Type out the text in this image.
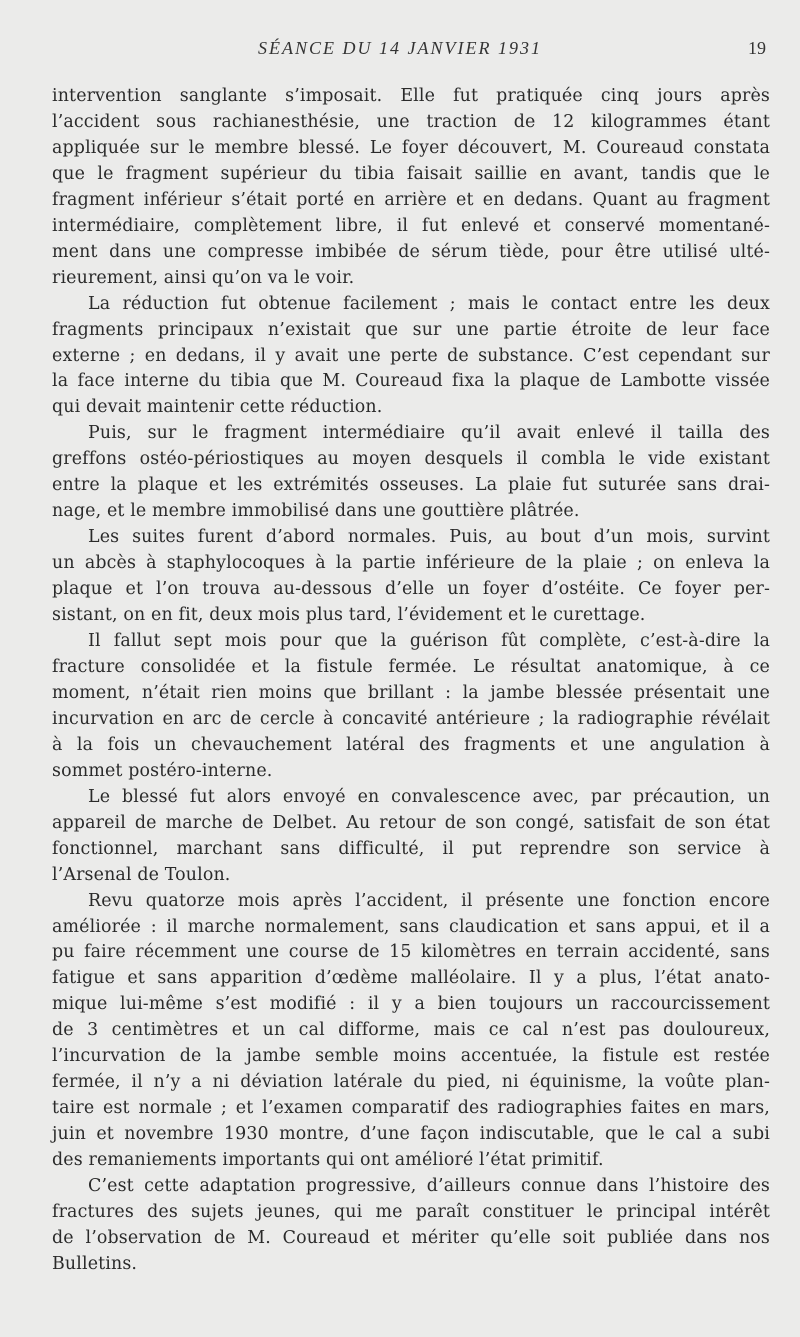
SÉANCE DU 14 JANVIER 1931	19

intervention sanglante s’imposait. Elle fut pratiquée cinq jours après
l’accident sous rachianesthésie, une traction de 12 kilogrammes étant
appliquée sur le membre blessé. Le foyer découvert, M. Coureaud constata
que le fragment supérieur du tibia faisait saillie en avant, tandis que le
fragment inférieur s’était porté en arrière et en dedans. Quant au fragment
intermédiaire, complètement libre, il fut enlevé et conservé momentané-
ment dans une compresse imbibée de sérum tiède, pour être utilisé ulté-
rieurement, ainsi qu’on va le voir.

La réduction fut obtenue facilement ; mais le contact entre les deux
fragments principaux n’existait que sur une partie étroite de leur face
externe ; en dedans, il y avait une perte de substance. C’est cependant sur
la face interne du tibia que M. Coureaud fixa la plaque de Lambotte vissée
qui devait maintenir cette réduction.

Puis, sur le fragment intermédiaire qu’il avait enlevé il tailla des
greffons ostéo-périostiques au moyen desquels il combla le vide existant
entre la plaque et les extrémités osseuses. La plaie fut suturée sans drai-
nage, et le membre immobilisé dans une gouttière plâtrée.

Les suites furent d’abord normales. Puis, au bout d’un mois, survint
un abcès à staphylocoques à la partie inférieure de la plaie ; on enleva la
plaque et l’on trouva au-dessous d’elle un foyer d’ostéite. Ce foyer per-
sistant, on en fit, deux mois plus tard, l’évidement et le curettage.

Il fallut sept mois pour que la guérison fût complète, c’est-à-dire la
fracture consolidée et la fistule fermée. Le résultat anatomique, à ce
moment, n’était rien moins que brillant : la jambe blessée présentait une
incurvation en arc de cercle à concavité antérieure ; la radiographie révélait
à la fois un chevauchement latéral des fragments et une angulation à
sommet postéro-interne.

Le blessé fut alors envoyé en convalescence avec, par précaution, un
appareil de marche de Delbet. Au retour de son congé, satisfait de son état
fonctionnel, marchant sans difficulté, il put reprendre son service à
l’Arsenal de Toulon.

Revu quatorze mois après l’accident, il présente une fonction encore
améliorée : il marche normalement, sans claudication et sans appui, et il a
pu faire récemment une course de 15 kilomètres en terrain accidenté, sans
fatigue et sans apparition d’œdème malléolaire. Il y a plus, l’état anato-
mique lui-même s’est modifié : il y a bien toujours un raccourcissement
de 3 centimètres et un cal difforme, mais ce cal n’est pas douloureux,
l’incurvation de la jambe semble moins accentuée, la fistule est restée
fermée, il n’y a ni déviation latérale du pied, ni équinisme, la voûte plan-
taire est normale ; et l’examen comparatif des radiographies faites en mars,
juin et novembre 1930 montre, d’une façon indiscutable, que le cal a subi
des remaniements importants qui ont amélioré l’état primitif.

C’est cette adaptation progressive, d’ailleurs connue dans l’histoire des
fractures des sujets jeunes, qui me paraît constituer le principal intérêt
de l’observation de M. Coureaud et mériter qu’elle soit publiée dans nos
Bulletins.
